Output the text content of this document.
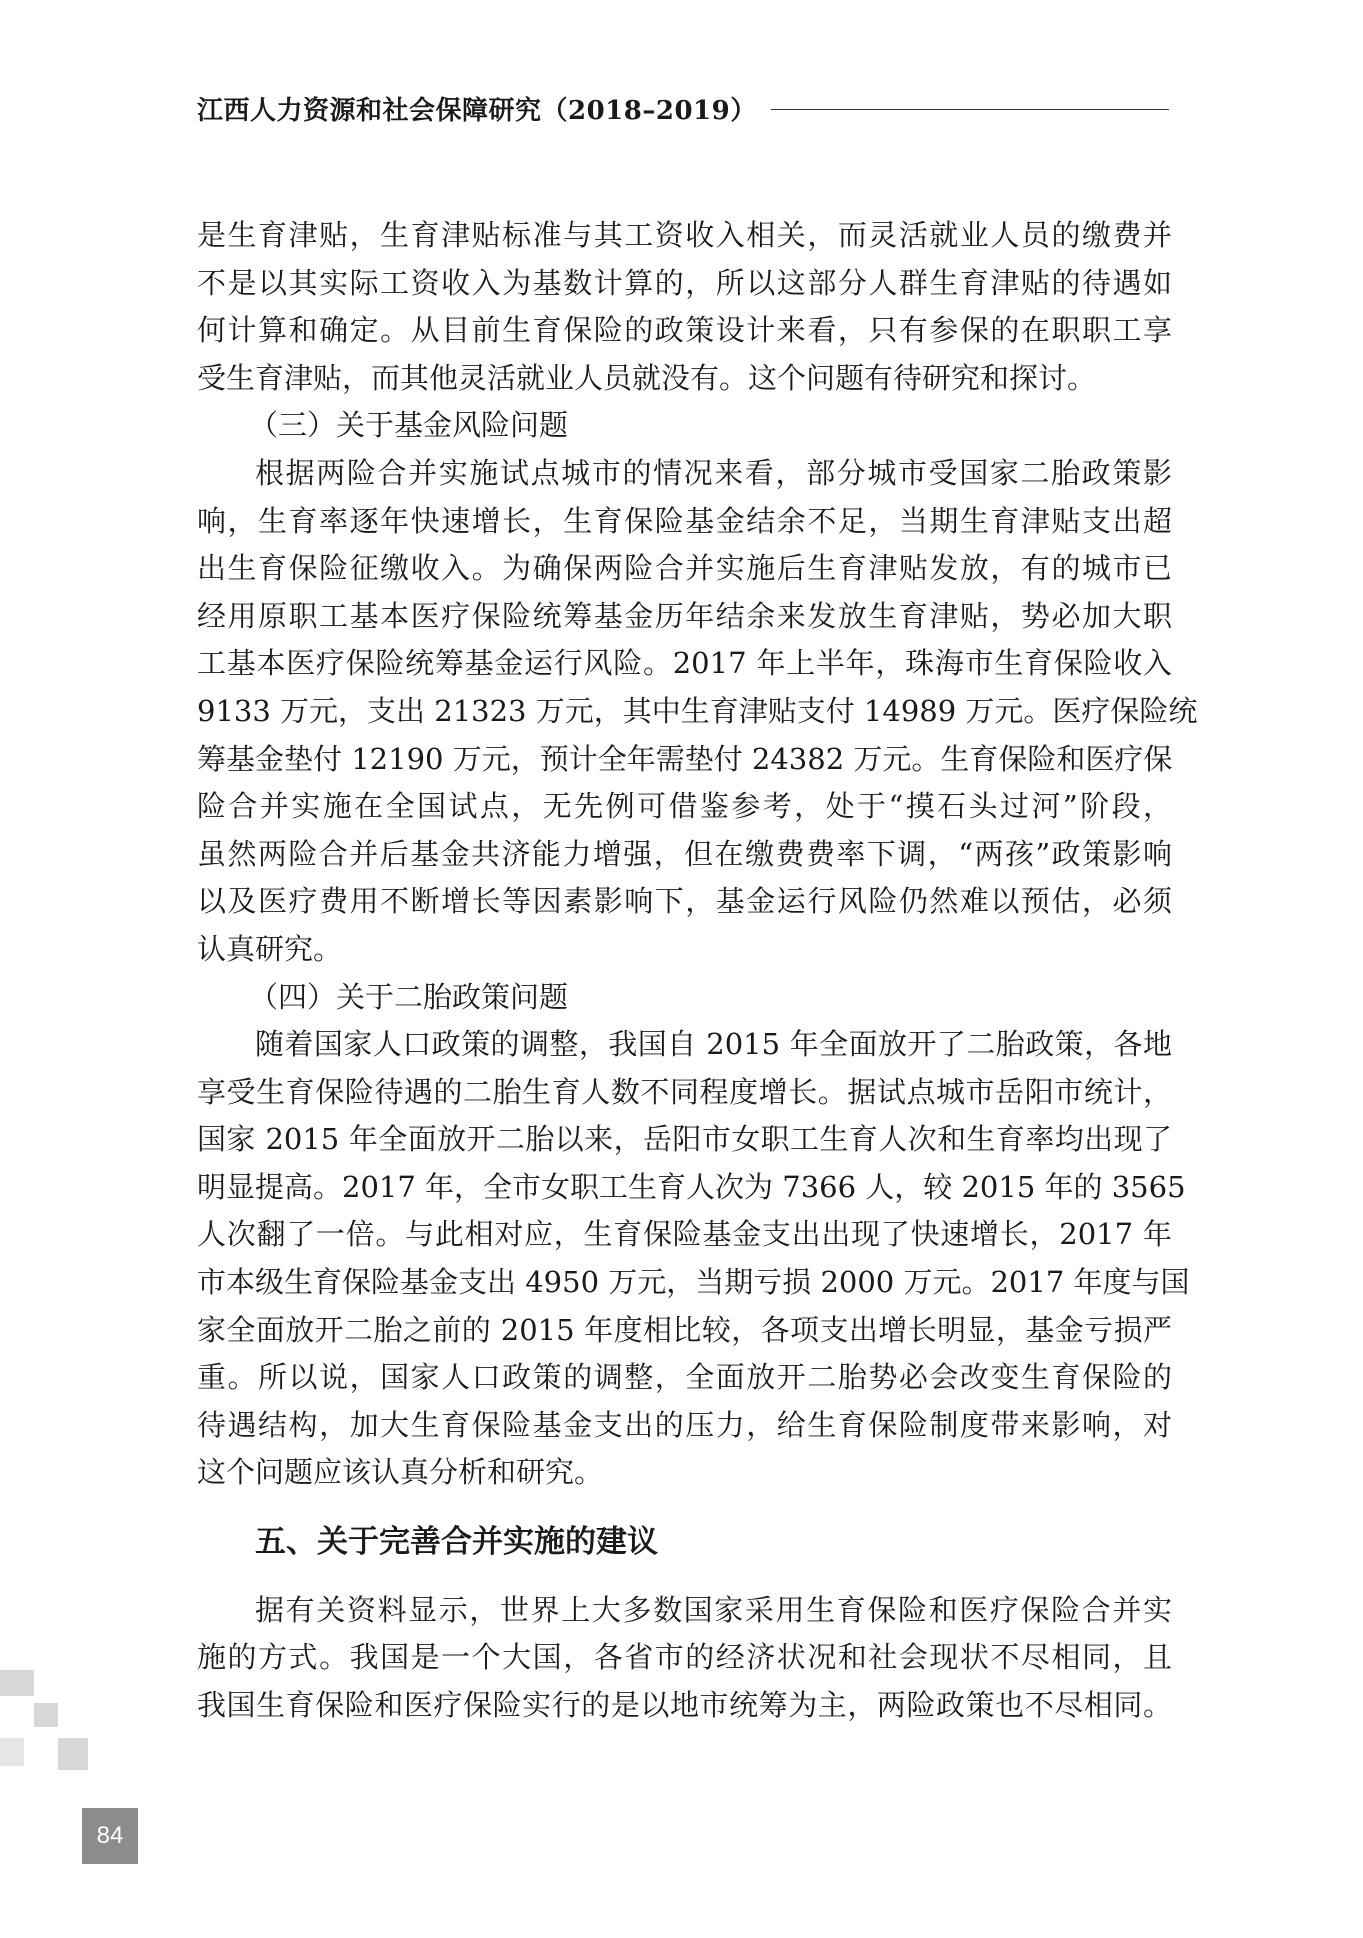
江西人力资源和社会保障研究（2018–2019）
是生育津贴，生育津贴标准与其工资收入相关，而灵活就业人员的缴费并
不是以其实际工资收入为基数计算的，所以这部分人群生育津贴的待遇如
何计算和确定。从目前生育保险的政策设计来看，只有参保的在职职工享
受生育津贴，而其他灵活就业人员就没有。这个问题有待研究和探讨。
（三）关于基金风险问题
根据两险合并实施试点城市的情况来看，部分城市受国家二胎政策影
响，生育率逐年快速增长，生育保险基金结余不足，当期生育津贴支出超
出生育保险征缴收入。为确保两险合并实施后生育津贴发放，有的城市已
经用原职工基本医疗保险统筹基金历年结余来发放生育津贴，势必加大职
工基本医疗保险统筹基金运行风险。2017 年上半年，珠海市生育保险收入
9133 万元，支出 21323 万元，其中生育津贴支付 14989 万元。医疗保险统
筹基金垫付 12190 万元，预计全年需垫付 24382 万元。生育保险和医疗保
险合并实施在全国试点，无先例可借鉴参考，处于“摸石头过河”阶段，
虽然两险合并后基金共济能力增强，但在缴费费率下调，“两孩”政策影响
以及医疗费用不断增长等因素影响下，基金运行风险仍然难以预估，必须
认真研究。
（四）关于二胎政策问题
随着国家人口政策的调整，我国自 2015 年全面放开了二胎政策，各地
享受生育保险待遇的二胎生育人数不同程度增长。据试点城市岳阳市统计，
国家 2015 年全面放开二胎以来，岳阳市女职工生育人次和生育率均出现了
明显提高。2017 年，全市女职工生育人次为 7366 人，较 2015 年的 3565
人次翻了一倍。与此相对应，生育保险基金支出出现了快速增长，2017 年
市本级生育保险基金支出 4950 万元，当期亏损 2000 万元。2017 年度与国
家全面放开二胎之前的 2015 年度相比较，各项支出增长明显，基金亏损严
重。所以说，国家人口政策的调整，全面放开二胎势必会改变生育保险的
待遇结构，加大生育保险基金支出的压力，给生育保险制度带来影响，对
这个问题应该认真分析和研究。
五、关于完善合并实施的建议
据有关资料显示，世界上大多数国家采用生育保险和医疗保险合并实
施的方式。我国是一个大国，各省市的经济状况和社会现状不尽相同，且
我国生育保险和医疗保险实行的是以地市统筹为主，两险政策也不尽相同。
84
